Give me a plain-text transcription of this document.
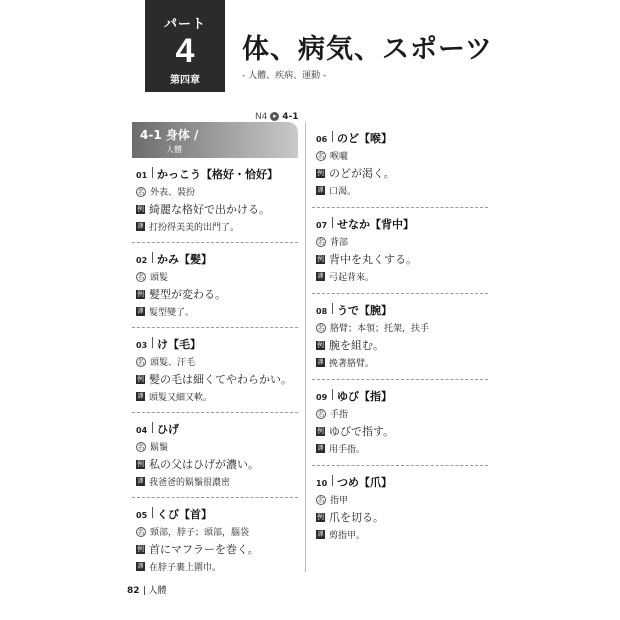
パート
4
第四章
体、病気、スポーツ
- 人體、疾病、運動 -
N4 ▸ 4-1
4-1 身体 /
人體
01 かっこう【格好・恰好】
名 外表、裝扮
例 綺麗な格好で出かける。
譯 打扮得美美的出門了。
02 かみ【髪】
名 頭髮
例 髪型が変わる。
譯 髮型變了。
03 け【毛】
名 頭髮、汗毛
例 髪の毛は細くてやわらかい。
譯 頭髮又細又軟。
04 ひげ
名 鬍鬚
例 私の父はひげが濃い。
譯 我爸爸的鬍鬚很濃密
05 くび【首】
名 頸部，脖子；頭部，腦袋
例 首にマフラーを巻く。
譯 在脖子裹上圍巾。
06 のど【喉】
名 喉嚨
例 のどが渇く。
譯 口渴。
07 せなか【背中】
名 背部
例 背中を丸くする。
譯 弓起背來。
08 うで【腕】
名 胳臂；本領；托架，扶手
例 腕を組む。
譯 挽著胳臂。
09 ゆび【指】
名 手指
例 ゆびで指す。
譯 用手指。
10 つめ【爪】
名 指甲
例 爪を切る。
譯 剪指甲。
82 人體
